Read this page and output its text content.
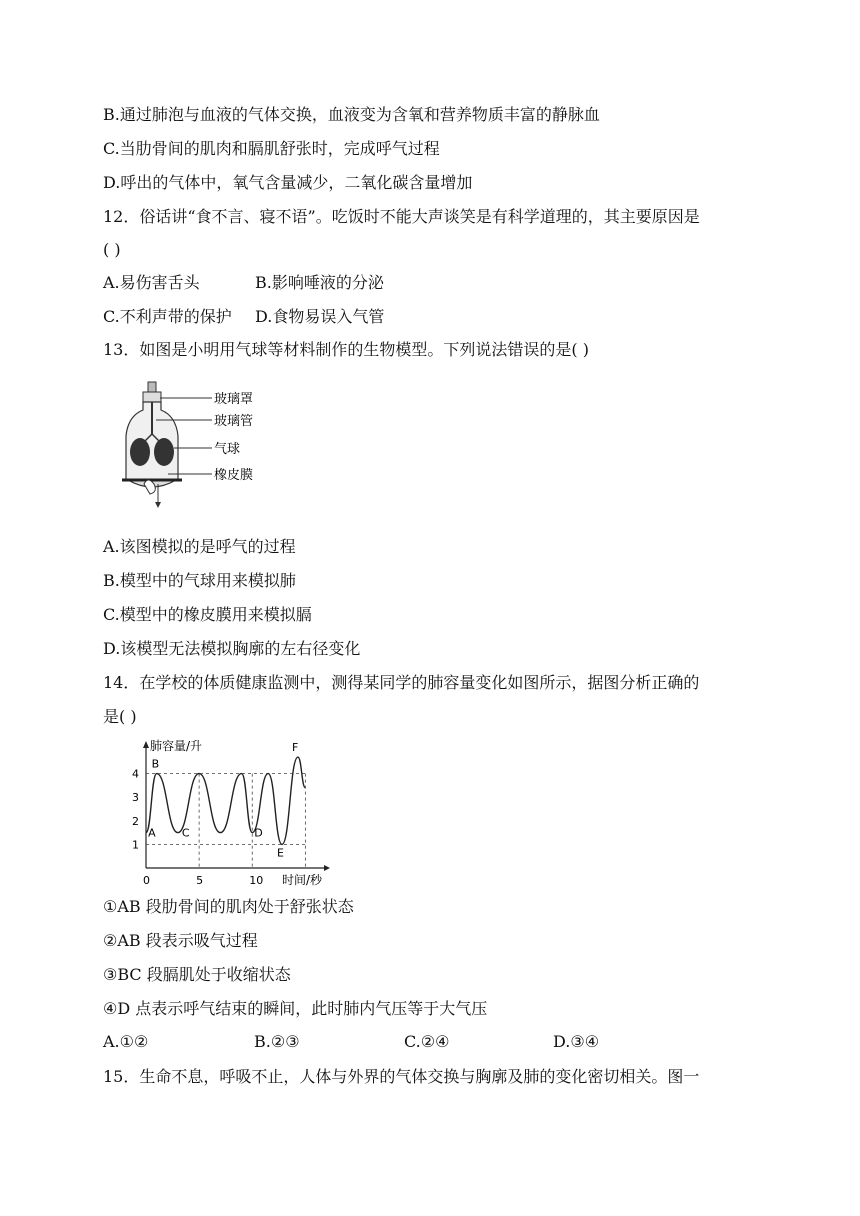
B.通过肺泡与血液的气体交换，血液变为含氧和营养物质丰富的静脉血
C.当肋骨间的肌肉和膈肌舒张时，完成呼气过程
D.呼出的气体中，氧气含量减少，二氧化碳含量增加
12．俗话讲“食不言、寝不语”。吃饭时不能大声谈笑是有科学道理的，其主要原因是
( )
A.易伤害舌头	B.影响唾液的分泌
C.不利声带的保护 D.食物易误入气管
13．如图是小明用气球等材料制作的生物模型。下列说法错误的是( )
玻璃罩
玻璃管
气球
橡皮膜
A.该图模拟的是呼气的过程
B.模型中的气球用来模拟肺
C.模型中的橡皮膜用来模拟膈
D.该模型无法模拟胸廓的左右径变化
14．在学校的体质健康监测中，测得某同学的肺容量变化如图所示，据图分析正确的
是( )
肺容量/升
时间/秒
1
2
3
4
0	5	10
A
B
C	D
E
F
①AB 段肋骨间的肌肉处于舒张状态
②AB 段表示吸气过程
③BC 段膈肌处于收缩状态
④D 点表示呼气结束的瞬间，此时肺内气压等于大气压
A.①②	B.②③	C.②④	D.③④
15．生命不息，呼吸不止，人体与外界的气体交换与胸廓及肺的变化密切相关。图一
